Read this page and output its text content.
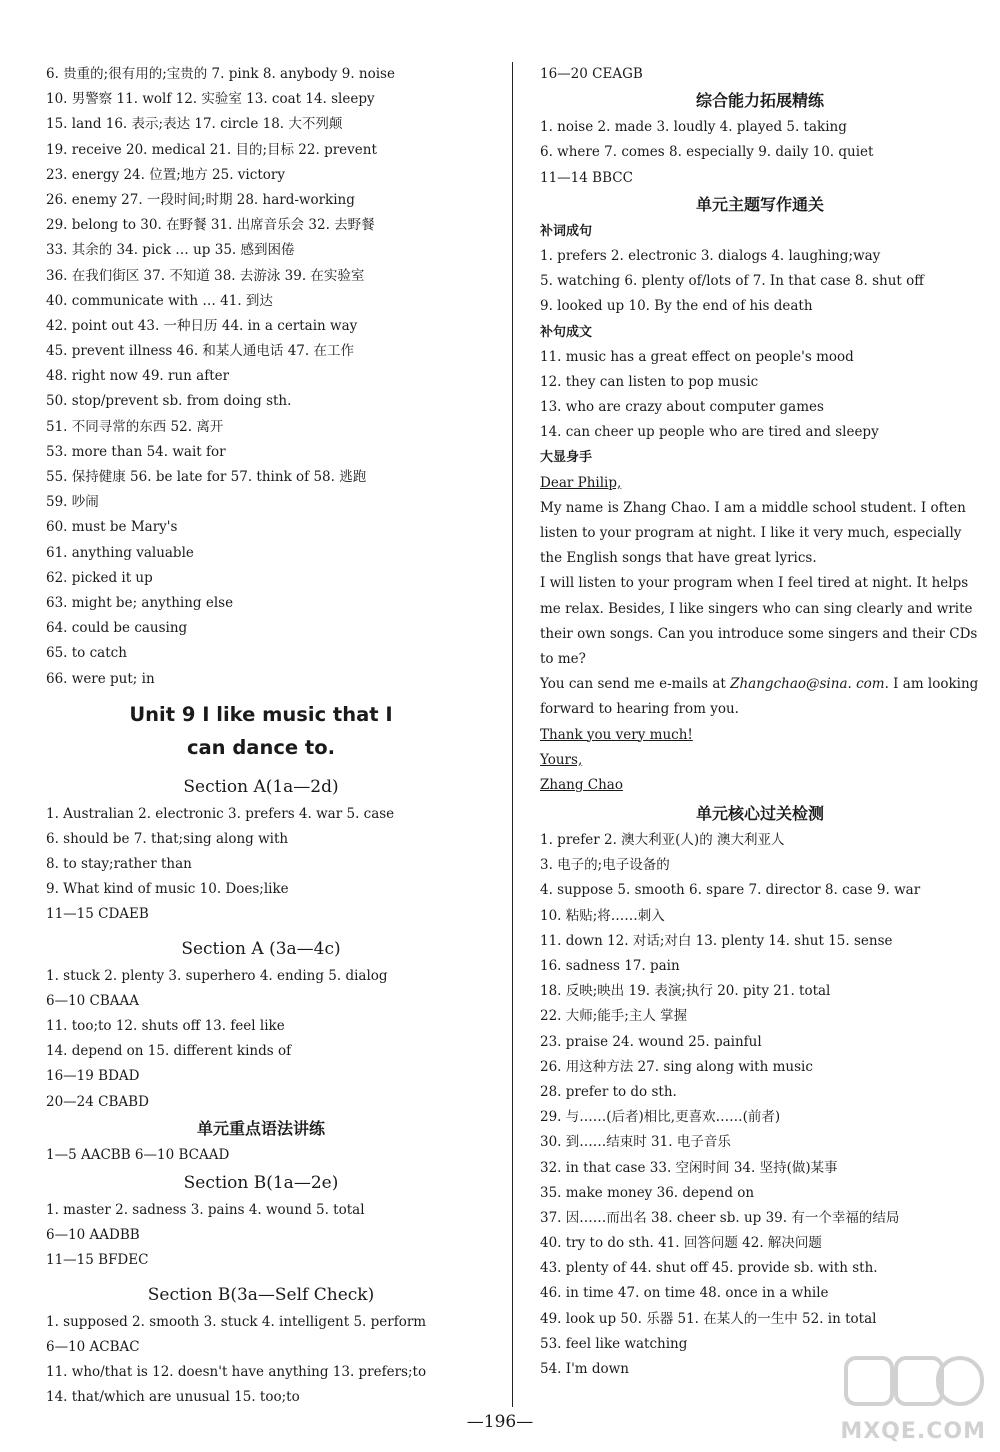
6. 贵重的;很有用的;宝贵的 7. pink 8. anybody 9. noise
10. 男警察 11. wolf 12. 实验室 13. coat 14. sleepy
15. land 16. 表示;表达 17. circle 18. 大不列颠
19. receive 20. medical 21. 目的;目标 22. prevent
23. energy 24. 位置;地方 25. victory
26. enemy 27. 一段时间;时期 28. hard-working
29. belong to 30. 在野餐 31. 出席音乐会 32. 去野餐
33. 其余的 34. pick … up 35. 感到困倦
36. 在我们街区 37. 不知道 38. 去游泳 39. 在实验室
40. communicate with … 41. 到达
42. point out 43. 一种日历 44. in a certain way
45. prevent illness 46. 和某人通电话 47. 在工作
48. right now 49. run after
50. stop/prevent sb. from doing sth.
51. 不同寻常的东西 52. 离开
53. more than 54. wait for
55. 保持健康 56. be late for 57. think of 58. 逃跑
59. 吵闹
60. must be Mary's
61. anything valuable
62. picked it up
63. might be; anything else
64. could be causing
65. to catch
66. were put; in
Unit 9 I like music that I
can dance to.
Section A(1a—2d)
1. Australian 2. electronic 3. prefers 4. war 5. case
6. should be 7. that;sing along with
8. to stay;rather than
9. What kind of music 10. Does;like
11—15 CDAEB
Section A (3a—4c)
1. stuck 2. plenty 3. superhero 4. ending 5. dialog
6—10 CBAAA
11. too;to 12. shuts off 13. feel like
14. depend on 15. different kinds of
16—19 BDAD
20—24 CBABD
单元重点语法讲练
1—5 AACBB 6—10 BCAAD
Section B(1a—2e)
1. master 2. sadness 3. pains 4. wound 5. total
6—10 AADBB
11—15 BFDEC
Section B(3a—Self Check)
1. supposed 2. smooth 3. stuck 4. intelligent 5. perform
6—10 ACBAC
11. who/that is 12. doesn't have anything 13. prefers;to
14. that/which are unusual 15. too;to
16—20 CEAGB
综合能力拓展精练
1. noise 2. made 3. loudly 4. played 5. taking
6. where 7. comes 8. especially 9. daily 10. quiet
11—14 BBCC
单元主题写作通关
补词成句
1. prefers 2. electronic 3. dialogs 4. laughing;way
5. watching 6. plenty of/lots of 7. In that case 8. shut off
9. looked up 10. By the end of his death
补句成文
11. music has a great effect on people's mood
12. they can listen to pop music
13. who are crazy about computer games
14. can cheer up people who are tired and sleepy
大显身手
Dear Philip,
My name is Zhang Chao. I am a middle school student. I often
listen to your program at night. I like it very much, especially
the English songs that have great lyrics.
I will listen to your program when I feel tired at night. It helps
me relax. Besides, I like singers who can sing clearly and write
their own songs. Can you introduce some singers and their CDs
to me?
You can send me e-mails at Zhangchao@sina. com. I am looking
forward to hearing from you.
Thank you very much!
Yours,
Zhang Chao
单元核心过关检测
1. prefer 2. 澳大利亚(人)的 澳大利亚人
3. 电子的;电子设备的
4. suppose 5. smooth 6. spare 7. director 8. case 9. war
10. 粘贴;将……刺入
11. down 12. 对话;对白 13. plenty 14. shut 15. sense
16. sadness 17. pain
18. 反映;映出 19. 表演;执行 20. pity 21. total
22. 大师;能手;主人 掌握
23. praise 24. wound 25. painful
26. 用这种方法 27. sing along with music
28. prefer to do sth.
29. 与……(后者)相比,更喜欢……(前者)
30. 到……结束时 31. 电子音乐
32. in that case 33. 空闲时间 34. 坚持(做)某事
35. make money 36. depend on
37. 因……而出名 38. cheer sb. up 39. 有一个幸福的结局
40. try to do sth. 41. 回答问题 42. 解决问题
43. plenty of 44. shut off 45. provide sb. with sth.
46. in time 47. on time 48. once in a while
49. look up 50. 乐器 51. 在某人的一生中 52. in total
53. feel like watching
54. I'm down
—196—	MXQE.COM
